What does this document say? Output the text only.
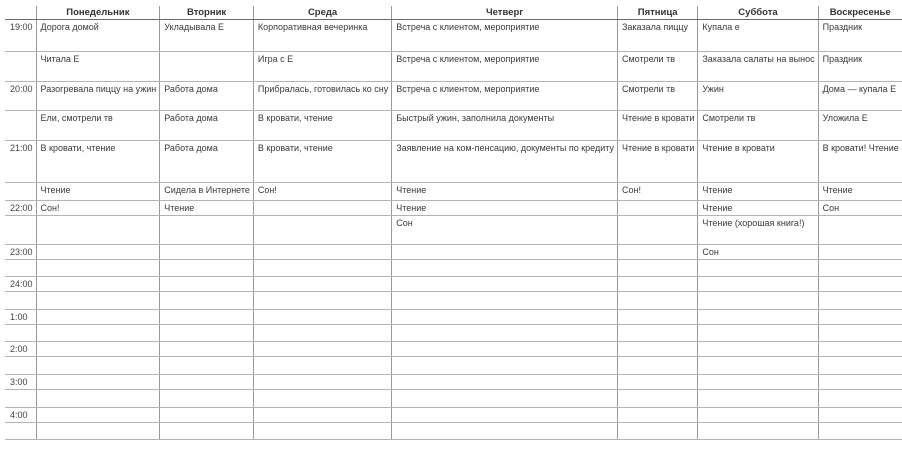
	Понедельник	Вторник	Среда	Четверг	Пятница	Суббота	Воскресенье
19:00	Дорога домой	Укладывала Е	Корпоративная вечеринка	Встреча с клиентом, мероприятие	Заказала пиццу	Купала е	Праздник
	Читала Е		Игра с Е	Встреча с клиентом, мероприятие	Смотрели тв	Заказала салаты на вынос	Праздник
20:00	Разогревала пиццу на ужин	Работа дома	Прибралась, готовилась ко сну	Встреча с клиентом, мероприятие	Смотрели тв	Ужин	Дома — купала Е
	Ели, смотрели тв	Работа дома	В кровати, чтение	Быстрый ужин, заполнила документы	Чтение в кровати	Смотрели тв	Уложила Е
21:00	В кровати, чтение	Работа дома	В кровати, чтение	Заявление на ком-пенсацию, документы по кредиту	Чтение в кровати	Чтение в кровати	В кровати! Чтение
	Чтение	Сидела в Интернете	Сон!	Чтение	Сон!	Чтение	Чтение
22:00	Сон!	Чтение		Чтение		Чтение	Сон
				Сон		Чтение (хорошая книга!)	
23:00						Сон	

24:00							

1:00							

2:00							

3:00							

4:00							
